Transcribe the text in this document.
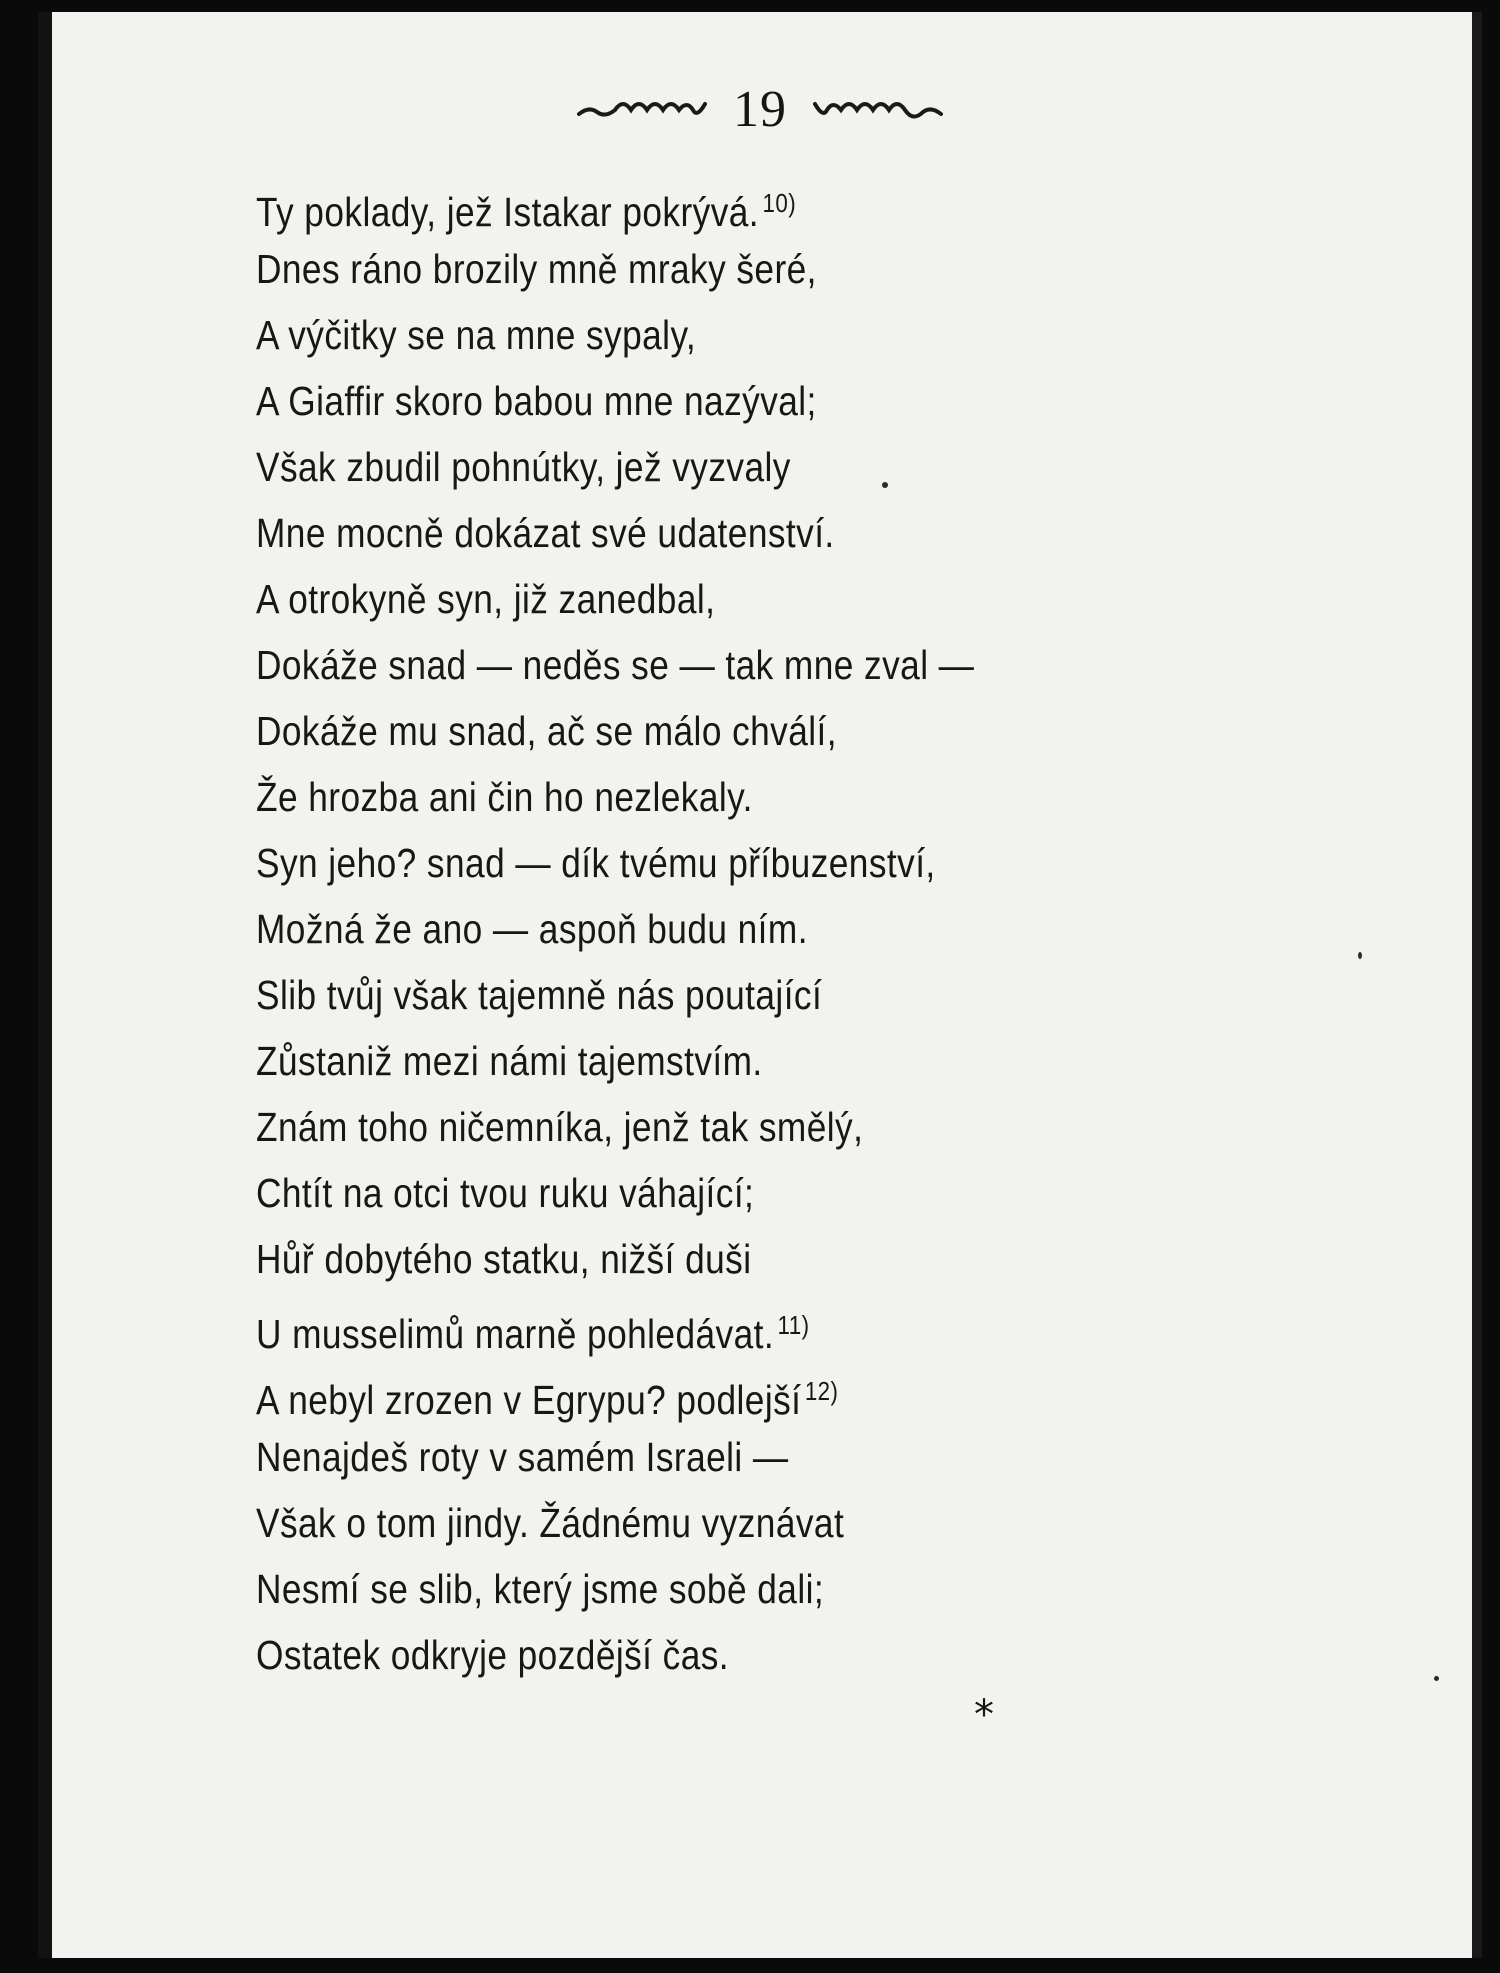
19
Ty poklady, jež Istakar pokrývá. $^{10)}$
Dnes ráno brozily mně mraky šeré,
A výčitky se na mne sypaly,
A Giaffir skoro babou mne nazýval;
Však zbudil pohnútky, jež vyzvaly
Mne mocně dokázat své udatenství.
A otrokyně syn, již zanedbal,
Dokáže snad — neděs se — tak mne zval —
Dokáže mu snad, ač se málo chválí,
Že hrozba ani čin ho nezlekaly.
Syn jeho? snad — dík tvému příbuzenství,
Možná že ano — aspoň budu ním.
Slib tvůj však tajemně nás poutající
Zůstaniž mezi námi tajemstvím.
Znám toho ničemníka, jenž tak smělý,
Chtít na otci tvou ruku váhající;
Hůř dobytého statku, nižší duši
U musselimů marně pohledávat. $^{11)}$
A nebyl zrozen v Egrypu? podlejší $^{12)}$
Nenajdeš roty v samém Israeli —
Však o tom jindy. Žádnému vyznávat
Nesmí se slib, který jsme sobě dali;
Ostatek odkryje pozdější čas.
*
